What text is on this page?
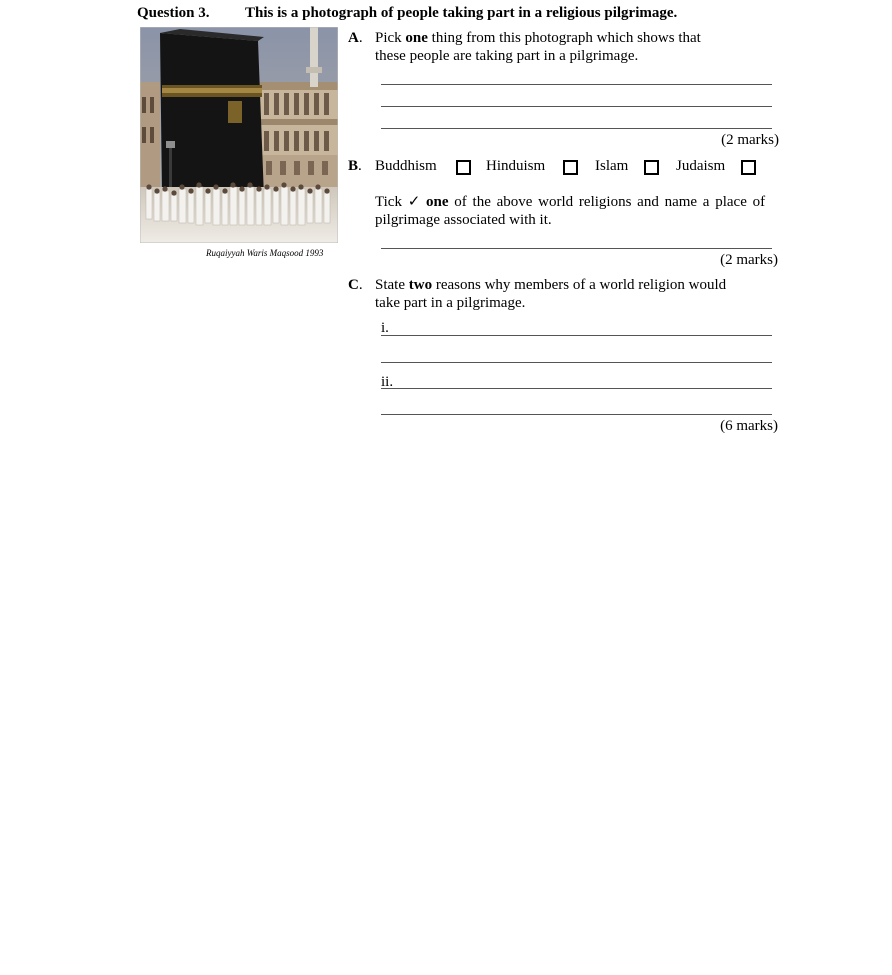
Question 3. This is a photograph of people taking part in a religious pilgrimage.
Ruqaiyyah Waris Maqsood 1993
A. Pick one thing from this photograph which shows that
these people are taking part in a pilgrimage.
(2 marks)
B. Buddhism	Hinduism	Islam	Judaism
Tick ✓ one of the above world religions and name a place of
pilgrimage associated with it.
(2 marks)
C. State two reasons why members of a world religion would
take part in a pilgrimage.
i.
ii.
(6 marks)
